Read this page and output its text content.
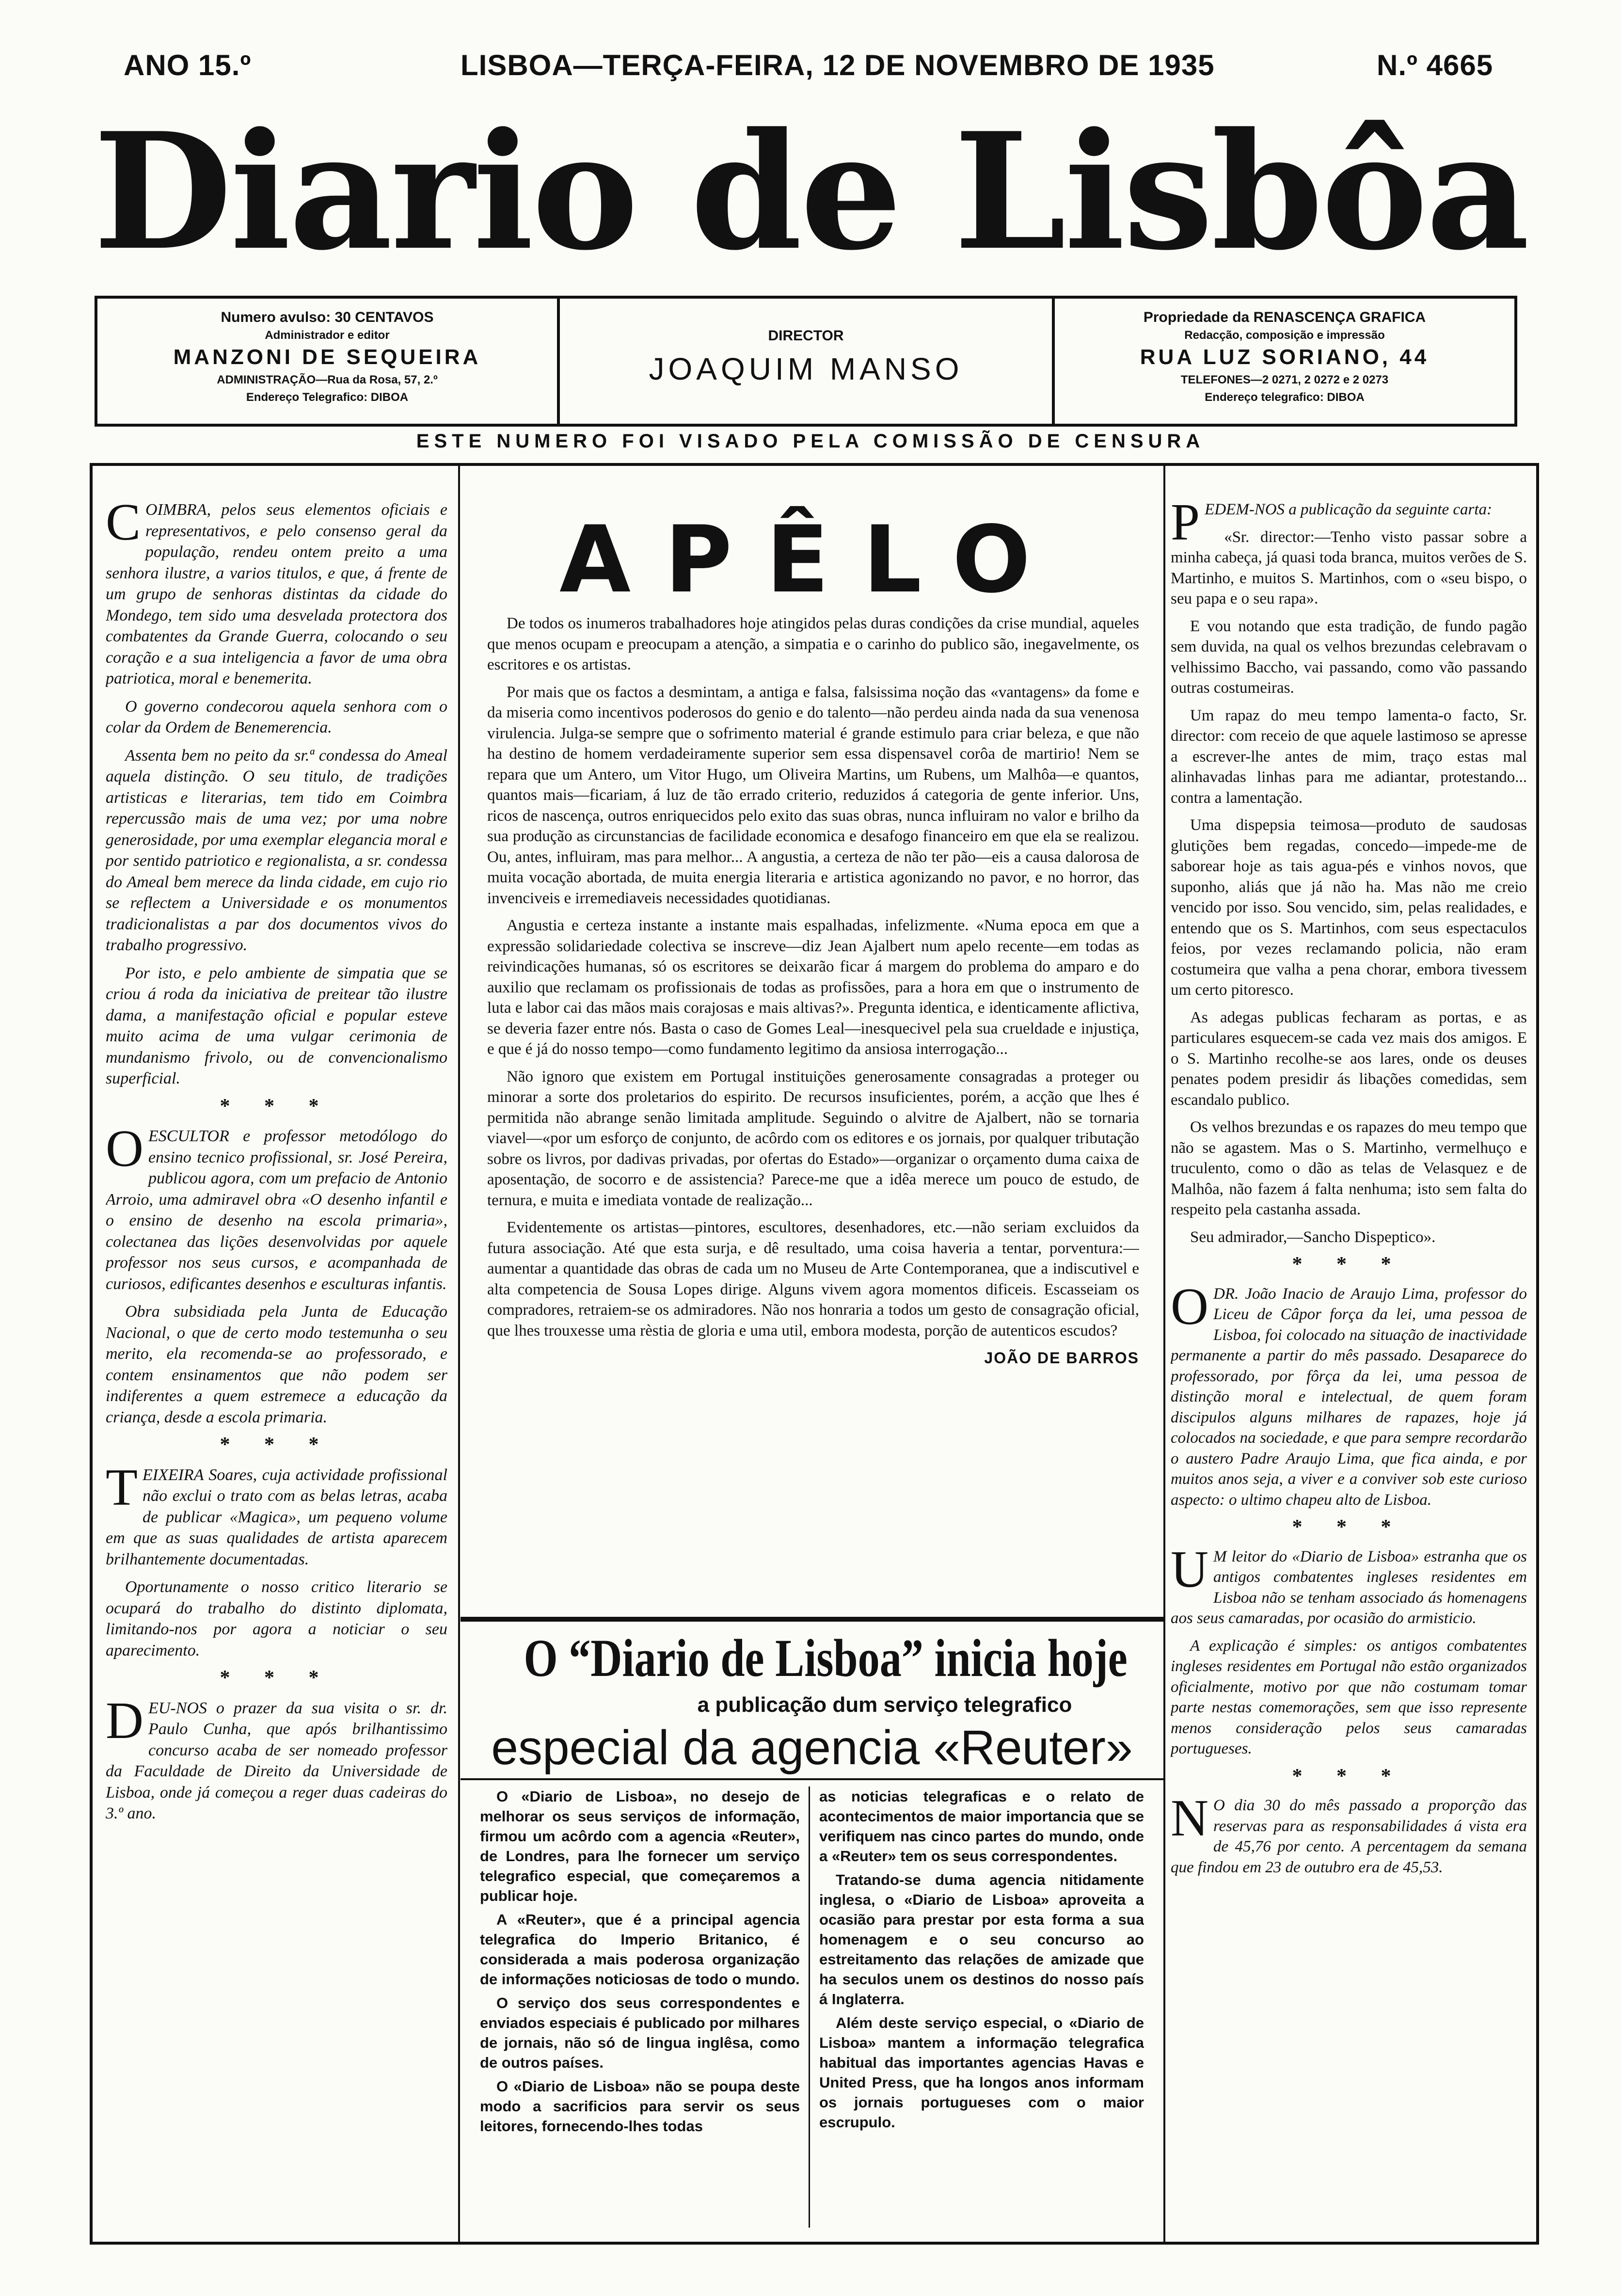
ANO 15.º	LISBOA—TERÇA-FEIRA, 12 DE NOVEMBRO DE 1935	N.º 4665
Diario de Lisbôa
Numero avulso: 30 CENTAVOS
Administrador e editor
MANZONI DE SEQUEIRA
ADMINISTRAÇÃO—Rua da Rosa, 57, 2.º
Endereço Telegrafico: DIBOA
DIRECTOR
JOAQUIM MANSO
Propriedade da RENASCENÇA GRAFICA
Redacção, composição e impressão
RUA LUZ SORIANO, 44
TELEFONES—2 0271, 2 0272 e 2 0273
Endereço telegrafico: DIBOA
ESTE NUMERO FOI VISADO PELA COMISSÃO DE CENSURA

COIMBRA, pelos seus elementos oficiais e representativos, e pelo consenso geral da população, rendeu ontem preito a uma senhora ilustre, a varios titulos, e que, á frente de um grupo de senhoras distintas da cidade do Mondego, tem sido uma desvelada protectora dos combatentes da Grande Guerra, colocando o seu coração e a sua inteligencia a favor de uma obra patriotica, moral e benemerita.

O governo condecorou aquela senhora com o colar da Ordem de Benemerencia.

Assenta bem no peito da sr.ª condessa do Ameal aquela distinção. O seu titulo, de tradições artisticas e literarias, tem tido em Coimbra repercussão mais de uma vez; por uma nobre generosidade, por uma exemplar elegancia moral e por sentido patriotico e regionalista, a sr. condessa do Ameal bem merece da linda cidade, em cujo rio se reflectem a Universidade e os monumentos tradicionalistas a par dos documentos vivos do trabalho progressivo.

Por isto, e pelo ambiente de simpatia que se criou á roda da iniciativa de preitear tão ilustre dama, a manifestação oficial e popular esteve muito acima de uma vulgar cerimonia de mundanismo frivolo, ou de convencionalismo superficial.

* * *

OESCULTOR e professor metodólogo do ensino tecnico profissional, sr. José Pereira, publicou agora, com um prefacio de Antonio Arroio, uma admiravel obra «O desenho infantil e o ensino de desenho na escola primaria», colectanea das lições desenvolvidas por aquele professor nos seus cursos, e acompanhada de curiosos, edificantes desenhos e esculturas infantis.

Obra subsidiada pela Junta de Educação Nacional, o que de certo modo testemunha o seu merito, ela recomenda-se ao professorado, e contem ensinamentos que não podem ser indiferentes a quem estremece a educação da criança, desde a escola primaria.

* * *

TEIXEIRA Soares, cuja actividade profissional não exclui o trato com as belas letras, acaba de publicar «Magica», um pequeno volume em que as suas qualidades de artista aparecem brilhantemente documentadas.

Oportunamente o nosso critico literario se ocupará do trabalho do distinto diplomata, limitando-nos por agora a noticiar o seu aparecimento.

* * *

DEU-NOS o prazer da sua visita o sr. dr. Paulo Cunha, que após brilhantissimo concurso acaba de ser nomeado professor da Faculdade de Direito da Universidade de Lisboa, onde já começou a reger duas cadeiras do 3.º ano.

APÊLO

De todos os inumeros trabalhadores hoje atingidos pelas duras condições da crise mundial, aqueles que menos ocupam e preocupam a atenção, a simpatia e o carinho do publico são, inegavelmente, os escritores e os artistas.

Por mais que os factos a desmintam, a antiga e falsa, falsissima noção das «vantagens» da fome e da miseria como incentivos poderosos do genio e do talento—não perdeu ainda nada da sua venenosa virulencia. Julga-se sempre que o sofrimento material é grande estimulo para criar beleza, e que não ha destino de homem verdadeiramente superior sem essa dispensavel corôa de martirio! Nem se repara que um Antero, um Vitor Hugo, um Oliveira Martins, um Rubens, um Malhôa—e quantos, quantos mais—ficariam, á luz de tão errado criterio, reduzidos á categoria de gente inferior. Uns, ricos de nascença, outros enriquecidos pelo exito das suas obras, nunca influiram no valor e brilho da sua produção as circunstancias de facilidade economica e desafogo financeiro em que ela se realizou. Ou, antes, influiram, mas para melhor... A angustia, a certeza de não ter pão—eis a causa dalorosa de muita vocação abortada, de muita energia literaria e artistica agonizando no pavor, e no horror, das invenciveis e irremediaveis necessidades quotidianas.

Angustia e certeza instante a instante mais espalhadas, infelizmente. «Numa epoca em que a expressão solidariedade colectiva se inscreve—diz Jean Ajalbert num apelo recente—em todas as reivindicações humanas, só os escritores se deixarão ficar á margem do problema do amparo e do auxilio que reclamam os profissionais de todas as profissões, para a hora em que o instrumento de luta e labor cai das mãos mais corajosas e mais altivas?». Pregunta identica, e identicamente aflictiva, se deveria fazer entre nós. Basta o caso de Gomes Leal—inesquecivel pela sua crueldade e injustiça, e que é já do nosso tempo—como fundamento legitimo da ansiosa interrogação...

Não ignoro que existem em Portugal instituições generosamente consagradas a proteger ou minorar a sorte dos proletarios do espirito. De recursos insuficientes, porém, a acção que lhes é permitida não abrange senão limitada amplitude. Seguindo o alvitre de Ajalbert, não se tornaria viavel—«por um esforço de conjunto, de acôrdo com os editores e os jornais, por qualquer tributação sobre os livros, por dadivas privadas, por ofertas do Estado»—organizar o orçamento duma caixa de aposentação, de socorro e de assistencia? Parece-me que a idêa merece um pouco de estudo, de ternura, e muita e imediata vontade de realização...

Evidentemente os artistas—pintores, escultores, desenhadores, etc.—não seriam excluidos da futura associação. Até que esta surja, e dê resultado, uma coisa haveria a tentar, porventura:—aumentar a quantidade das obras de cada um no Museu de Arte Contemporanea, que a indiscutivel e alta competencia de Sousa Lopes dirige. Alguns vivem agora momentos dificeis. Escasseiam os compradores, retraiem-se os admiradores. Não nos honraria a todos um gesto de consagração oficial, que lhes trouxesse uma rèstia de gloria e uma util, embora modesta, porção de autenticos escudos?

JOÃO DE BARROS
O “Diario de Lisboa” inicia hoje
a publicação dum serviço telegrafico
especial da agencia «Reuter»

O «Diario de Lisboa», no desejo de melhorar os seus serviços de informação, firmou um acôrdo com a agencia «Reuter», de Londres, para lhe fornecer um serviço telegrafico especial, que começaremos a publicar hoje.

A «Reuter», que é a principal agencia telegrafica do Imperio Britanico, é considerada a mais poderosa organização de informações noticiosas de todo o mundo.

O serviço dos seus correspondentes e enviados especiais é publicado por milhares de jornais, não só de lingua inglêsa, como de outros países.

O «Diario de Lisboa» não se poupa deste modo a sacrificios para servir os seus leitores, fornecendo-lhes todas

as noticias telegraficas e o relato de acontecimentos de maior importancia que se verifiquem nas cinco partes do mundo, onde a «Reuter» tem os seus correspondentes.

Tratando-se duma agencia nitidamente inglesa, o «Diario de Lisboa» aproveita a ocasião para prestar por esta forma a sua homenagem e o seu concurso ao estreitamento das relações de amizade que ha seculos unem os destinos do nosso país á Inglaterra.

Além deste serviço especial, o «Diario de Lisboa» mantem a informação telegrafica habitual das importantes agencias Havas e United Press, que ha longos anos informam os jornais portugueses com o maior escrupulo.

PEDEM-NOS a publicação da seguinte carta:

«Sr. director:—Tenho visto passar sobre a minha cabeça, já quasi toda branca, muitos verões de S. Martinho, e muitos S. Martinhos, com o «seu bispo, o seu papa e o seu rapa».

E vou notando que esta tradição, de fundo pagão sem duvida, na qual os velhos brezundas celebravam o velhissimo Baccho, vai passando, como vão passando outras costumeiras.

Um rapaz do meu tempo lamenta-o facto, Sr. director: com receio de que aquele lastimoso se apresse a escrever-lhe antes de mim, traço estas mal alinhavadas linhas para me adiantar, protestando... contra a lamentação.

Uma dispepsia teimosa—produto de saudosas glutições bem regadas, concedo—impede-me de saborear hoje as tais agua-pés e vinhos novos, que suponho, aliás que já não ha. Mas não me creio vencido por isso. Sou vencido, sim, pelas realidades, e entendo que os S. Martinhos, com seus espectaculos feios, por vezes reclamando policia, não eram costumeira que valha a pena chorar, embora tivessem um certo pitoresco.

As adegas publicas fecharam as portas, e as particulares esquecem-se cada vez mais dos amigos. E o S. Martinho recolhe-se aos lares, onde os deuses penates podem presidir ás libações comedidas, sem escandalo publico.

Os velhos brezundas e os rapazes do meu tempo que não se agastem. Mas o S. Martinho, vermelhuço e truculento, como o dão as telas de Velasquez e de Malhôa, não fazem á falta nenhuma; isto sem falta do respeito pela castanha assada.

Seu admirador,—Sancho Dispeptico».

* * *

ODR. João Inacio de Araujo Lima, professor do Liceu de Câpor força da lei, uma pessoa de Lisboa, foi colocado na situação de inactividade permanente a partir do mês passado. Desaparece do professorado, por fôrça da lei, uma pessoa de distinção moral e intelectual, de quem foram discipulos alguns milhares de rapazes, hoje já colocados na sociedade, e que para sempre recordarão o austero Padre Araujo Lima, que fica ainda, e por muitos anos seja, a viver e a conviver sob este curioso aspecto: o ultimo chapeu alto de Lisboa.

* * *

U M leitor do «Diario de Lisboa» estranha que os antigos combatentes ingleses residentes em Lisboa não se tenham associado ás homenagens aos seus camaradas, por ocasião do armisticio.

A explicação é simples: os antigos combatentes ingleses residentes em Portugal não estão organizados oficialmente, motivo por que não costumam tomar parte nestas comemorações, sem que isso represente menos consideração pelos seus camaradas portugueses.

* * *

N O dia 30 do mês passado a proporção das reservas para as responsabilidades á vista era de 45,76 por cento. A percentagem da semana que findou em 23 de outubro era de 45,53.
